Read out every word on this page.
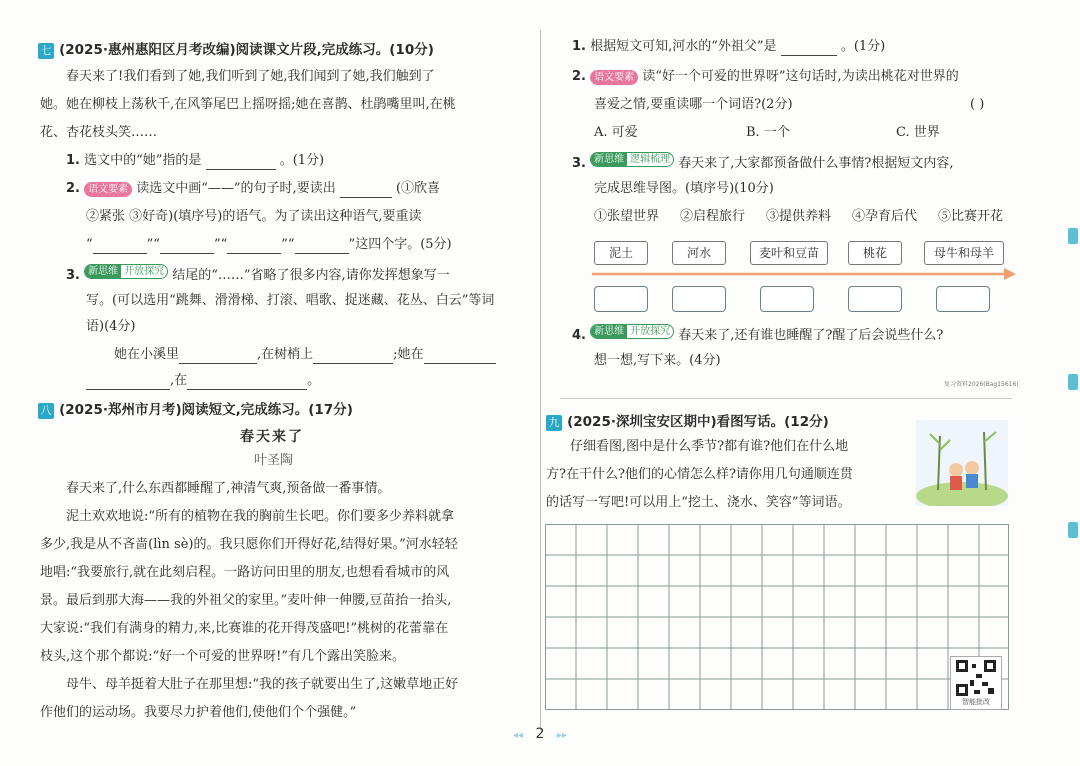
七 (2025·惠州惠阳区月考改编)阅读课文片段,完成练习。(10分)
春天来了!我们看到了她,我们听到了她,我们闻到了她,我们触到了
她。她在柳枝上荡秋千,在风筝尾巴上摇呀摇;她在喜鹊、杜鹃嘴里叫,在桃
花、杏花枝头笑……
1. 选文中的“她”指的是	。(1分)
2. 语文要素 读选文中画“——”的句子时,要读出	(①欣喜
②紧张 ③好奇)(填序号)的语气。为了读出这种语气,要重读
“	”“	”“	”“	”这四个字。(5分)
3. 新思维 开放探究 结尾的“……”省略了很多内容,请你发挥想象写一
写。(可以选用“跳舞、滑滑梯、打滚、唱歌、捉迷藏、花丛、白云”等词
语)(4分)
她在小溪里	,在树梢上	;她在
,在	。
八 (2025·郑州市月考)阅读短文,完成练习。(17分)
春天来了
叶圣陶
春天来了,什么东西都睡醒了,神清气爽,预备做一番事情。
泥土欢欢地说:“所有的植物在我的胸前生长吧。你们要多少养料就拿
多少,我是从不吝啬(lìn sè)的。我只愿你们开得好花,结得好果。”河水轻轻
地唱:“我要旅行,就在此刻启程。一路访问田里的朋友,也想看看城市的风
景。最后到那大海——我的外祖父的家里。”麦叶伸一伸腰,豆苗抬一抬头,
大家说:“我们有满身的精力,来,比赛谁的花开得茂盛吧!”桃树的花蕾靠在
枝头,这个那个都说:“好一个可爱的世界呀!”有几个露出笑脸来。
母牛、母羊挺着大肚子在那里想:“我的孩子就要出生了,这嫩草地正好
作他们的运动场。我要尽力护着他们,使他们个个强健。”
1. 根据短文可知,河水的“外祖父”是	。(1分)
2. 语文要素 读“好一个可爱的世界呀”这句话时,为读出桃花对世界的
喜爱之情,要重读哪一个词语?(2分)	( )
A. 可爱	B. 一个	C. 世界
3. 新思维 逻辑梳理 春天来了,大家都预备做什么事情?根据短文内容,
完成思维导图。(填序号)(10分)
①张望世界 ②启程旅行 ③提供养料 ④孕育后代 ⑤比赛开花
泥土	河水	麦叶和豆苗	桃花	母牛和母羊
4. 新思维 开放探究 春天来了,还有谁也睡醒了?醒了后会说些什么?
想一想,写下来。(4分)
复习资料2026(Bag15616)
九 (2025·深圳宝安区期中)看图写话。(12分)
仔细看图,图中是什么季节?都有谁?他们在什么地
方?在干什么?他们的心情怎么样?请你用几句通顺连贯
的话写一写吧!可以用上“挖土、浇水、笑容”等词语。
智能批改
◂◂ 2 ▸▸
